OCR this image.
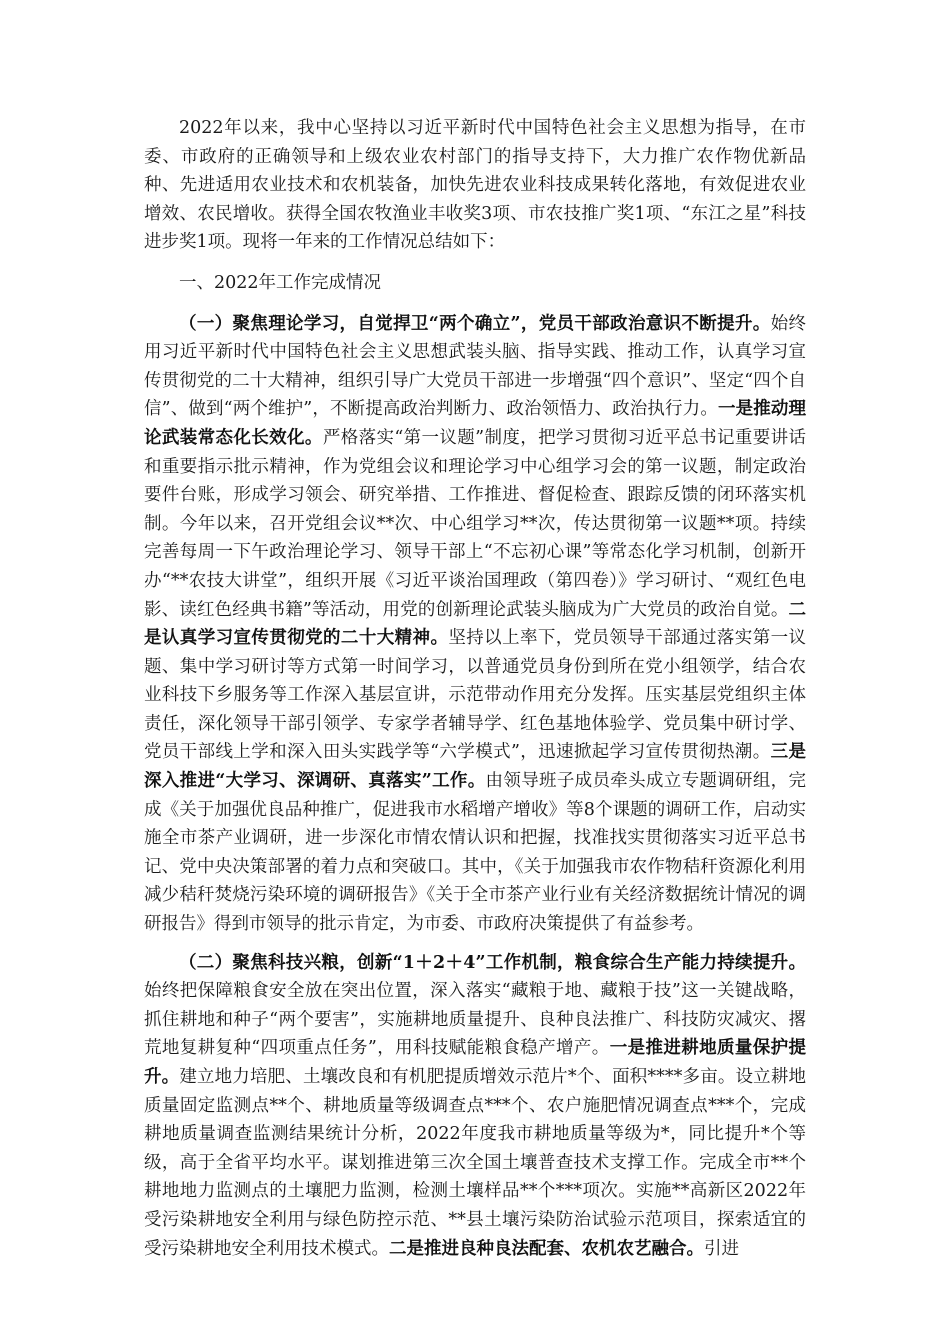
2022年以来，我中心坚持以习近平新时代中国特色社会主义思想为指导，在市委、市政府的正确领导和上级农业农村部门的指导支持下，大力推广农作物优新品种、先进适用农业技术和农机装备，加快先进农业科技成果转化落地，有效促进农业增效、农民增收。获得全国农牧渔业丰收奖3项、市农技推广奖1项、“东江之星”科技进步奖1项。现将一年来的工作情况总结如下：

一、2022年工作完成情况

（一）聚焦理论学习，自觉捍卫“两个确立”，党员干部政治意识不断提升。始终用习近平新时代中国特色社会主义思想武装头脑、指导实践、推动工作，认真学习宣传贯彻党的二十大精神，组织引导广大党员干部进一步增强“四个意识”、坚定“四个自信”、做到“两个维护”，不断提高政治判断力、政治领悟力、政治执行力。一是推动理论武装常态化长效化。严格落实“第一议题”制度，把学习贯彻习近平总书记重要讲话和重要指示批示精神，作为党组会议和理论学习中心组学习会的第一议题，制定政治要件台账，形成学习领会、研究举措、工作推进、督促检查、跟踪反馈的闭环落实机制。今年以来，召开党组会议**次、中心组学习**次，传达贯彻第一议题**项。持续完善每周一下午政治理论学习、领导干部上“不忘初心课”等常态化学习机制，创新开办“**农技大讲堂”，组织开展《习近平谈治国理政（第四卷）》学习研讨、“观红色电影、读红色经典书籍”等活动，用党的创新理论武装头脑成为广大党员的政治自觉。二是认真学习宣传贯彻党的二十大精神。坚持以上率下，党员领导干部通过落实第一议题、集中学习研讨等方式第一时间学习，以普通党员身份到所在党小组领学，结合农业科技下乡服务等工作深入基层宣讲，示范带动作用充分发挥。压实基层党组织主体责任，深化领导干部引领学、专家学者辅导学、红色基地体验学、党员集中研讨学、党员干部线上学和深入田头实践学等“六学模式”，迅速掀起学习宣传贯彻热潮。三是深入推进“大学习、深调研、真落实”工作。由领导班子成员牵头成立专题调研组，完成《关于加强优良品种推广，促进我市水稻增产增收》等8个课题的调研工作，启动实施全市茶产业调研，进一步深化市情农情认识和把握，找准找实贯彻落实习近平总书记、党中央决策部署的着力点和突破口。其中，《关于加强我市农作物秸秆资源化利用减少秸秆焚烧污染环境的调研报告》《关于全市茶产业行业有关经济数据统计情况的调研报告》得到市领导的批示肯定，为市委、市政府决策提供了有益参考。

（二）聚焦科技兴粮，创新“1＋2＋4”工作机制，粮食综合生产能力持续提升。始终把保障粮食安全放在突出位置，深入落实“藏粮于地、藏粮于技”这一关键战略，抓住耕地和种子“两个要害”，实施耕地质量提升、良种良法推广、科技防灾减灾、撂荒地复耕复种“四项重点任务”，用科技赋能粮食稳产增产。一是推进耕地质量保护提升。建立地力培肥、土壤改良和有机肥提质增效示范片*个、面积****多亩。设立耕地质量固定监测点**个、耕地质量等级调查点***个、农户施肥情况调查点***个，完成耕地质量调查监测结果统计分析，2022年度我市耕地质量等级为*，同比提升*个等级，高于全省平均水平。谋划推进第三次全国土壤普查技术支撑工作。完成全市**个耕地地力监测点的土壤肥力监测，检测土壤样品**个***项次。实施**高新区2022年受污染耕地安全利用与绿色防控示范、**县土壤污染防治试验示范项目，探索适宜的受污染耕地安全利用技术模式。二是推进良种良法配套、农机农艺融合。引进
